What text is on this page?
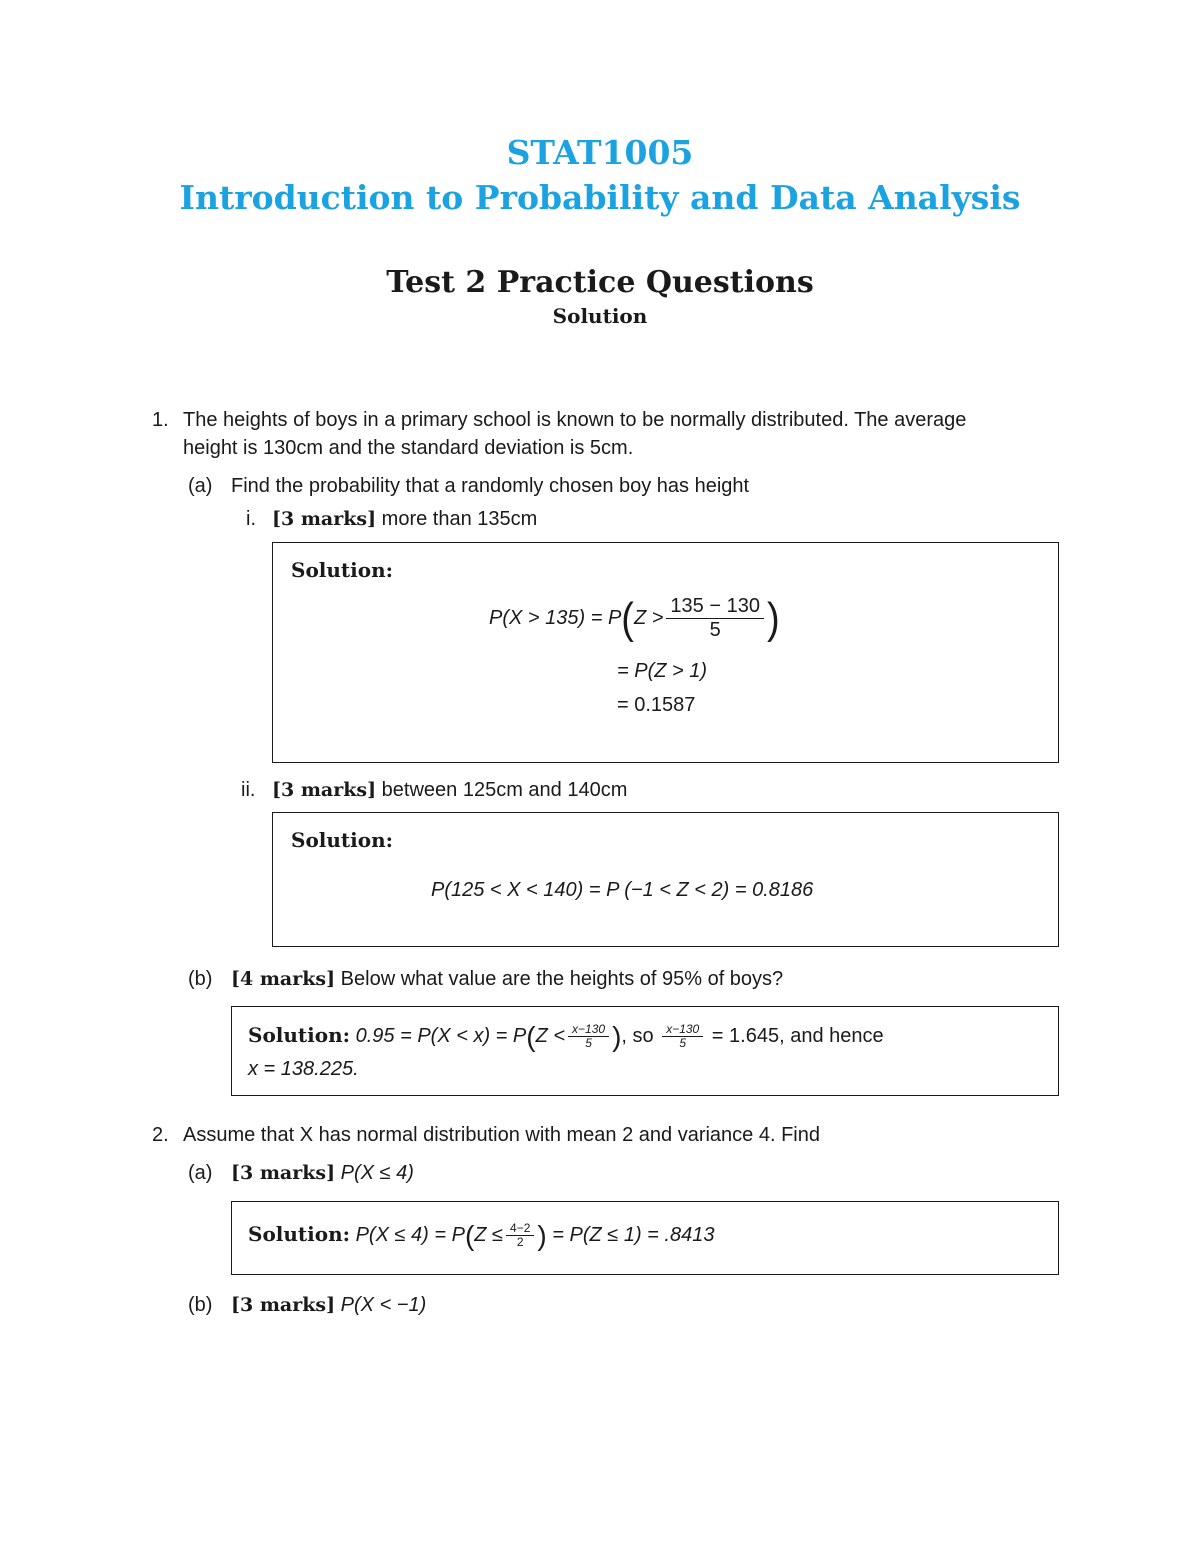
STAT1005
Introduction to Probability and Data Analysis
Test 2 Practice Questions
Solution
1. The heights of boys in a primary school is known to be normally distributed. The average
height is 130cm and the standard deviation is 5cm.
(a) Find the probability that a randomly chosen boy has height
i. [3 marks] more than 135cm
Solution:
$P(X > 135) = P(Z > \frac{135 - 130}{5}$ )
= P(Z > 1)
= 0.1587
ii. [3 marks] between 125cm and 140cm
Solution:
P(125 < X < 140) = P (−1 < Z < 2) = 0.8186
(b) [4 marks] Below what value are the heights of 95% of boys?
Solution: $0.95 = P(X < x) = P(Z < \frac{x-130}{5}$ ), so $\frac{x-130}{5} = 1.645$, and hence
x = 138.225.
2. Assume that X has normal distribution with mean 2 and variance 4. Find
(a) [3 marks] P(X ≤ 4)
Solution: $P(X \le 4) = P(Z \le \frac{4-2}{2}$ ) = P(Z ≤ 1) = .8413
(b) [3 marks] P(X < −1)
